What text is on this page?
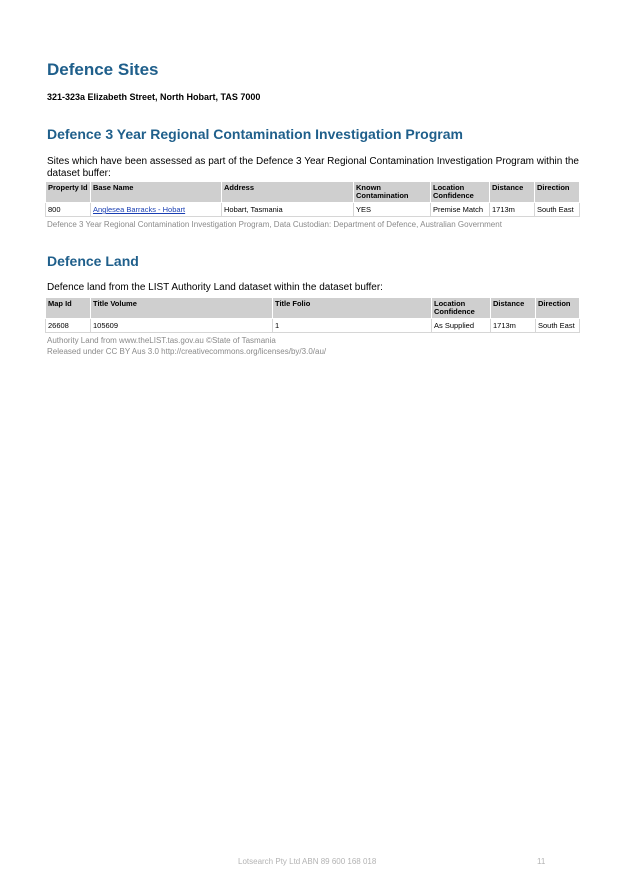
Defence Sites

321-323a Elizabeth Street, North Hobart, TAS 7000

Defence 3 Year Regional Contamination Investigation Program

Sites which have been assessed as part of the Defence 3 Year Regional Contamination Investigation Program within the dataset buffer:

Property Id	Base Name	Address	Known Contamination	Location Confidence	Distance	Direction
800	Anglesea Barracks - Hobart	Hobart, Tasmania	YES	Premise Match	1713m	South East

Defence 3 Year Regional Contamination Investigation Program, Data Custodian: Department of Defence, Australian Government

Defence Land

Defence land from the LIST Authority Land dataset within the dataset buffer:

Map Id	Title Volume	Title Folio	Location Confidence	Distance	Direction
26608	105609	1	As Supplied	1713m	South East

Authority Land from www.theLIST.tas.gov.au ©State of Tasmania

Released under CC BY Aus 3.0 http://creativecommons.org/licenses/by/3.0/au/

Lotsearch Pty Ltd ABN 89 600 168 018	11
